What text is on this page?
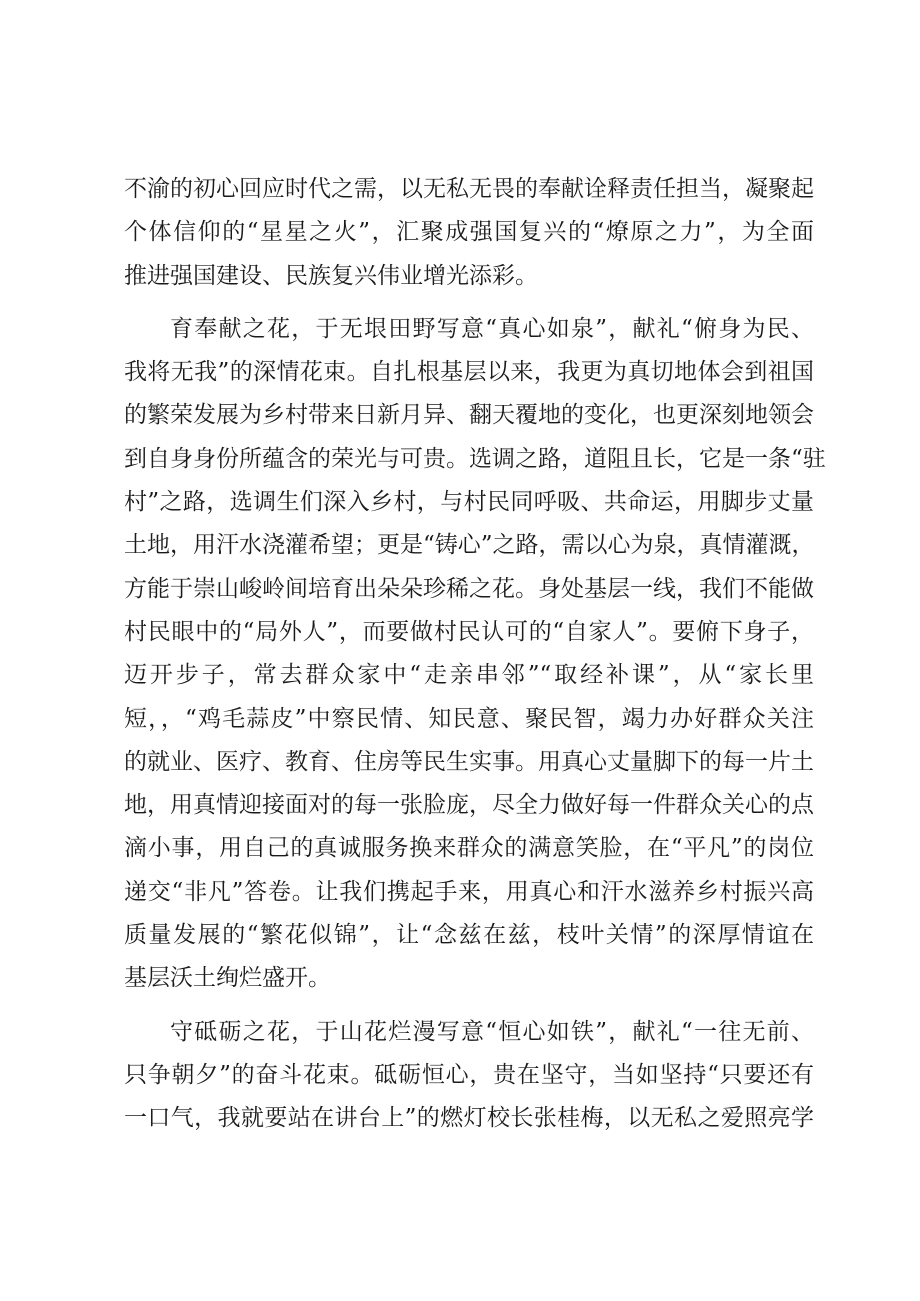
不渝的初心回应时代之需，以无私无畏的奉献诠释责任担当，凝聚起
个体信仰的“星星之火”，汇聚成强国复兴的“燎原之力”，为全面
推进强国建设、民族复兴伟业增光添彩。
育奉献之花，于无垠田野写意“真心如泉”，献礼“俯身为民、
我将无我”的深情花束。自扎根基层以来，我更为真切地体会到祖国
的繁荣发展为乡村带来日新月异、翻天覆地的变化，也更深刻地领会
到自身身份所蕴含的荣光与可贵。选调之路，道阻且长，它是一条“驻
村”之路，选调生们深入乡村，与村民同呼吸、共命运，用脚步丈量
土地，用汗水浇灌希望；更是“铸心”之路，需以心为泉，真情灌溉，
方能于崇山峻岭间培育出朵朵珍稀之花。身处基层一线，我们不能做
村民眼中的“局外人”，而要做村民认可的“自家人”。要俯下身子，
迈开步子，常去群众家中“走亲串邻”“取经补课”，从“家长里
短，，“鸡毛蒜皮”中察民情、知民意、聚民智，竭力办好群众关注
的就业、医疗、教育、住房等民生实事。用真心丈量脚下的每一片土
地，用真情迎接面对的每一张脸庞，尽全力做好每一件群众关心的点
滴小事，用自己的真诚服务换来群众的满意笑脸，在“平凡”的岗位
递交“非凡”答卷。让我们携起手来，用真心和汗水滋养乡村振兴高
质量发展的“繁花似锦”，让“念兹在兹，枝叶关情”的深厚情谊在
基层沃土绚烂盛开。
守砥砺之花，于山花烂漫写意“恒心如铁”，献礼“一往无前、
只争朝夕”的奋斗花束。砥砺恒心，贵在坚守，当如坚持“只要还有
一口气，我就要站在讲台上”的燃灯校长张桂梅，以无私之爱照亮学
